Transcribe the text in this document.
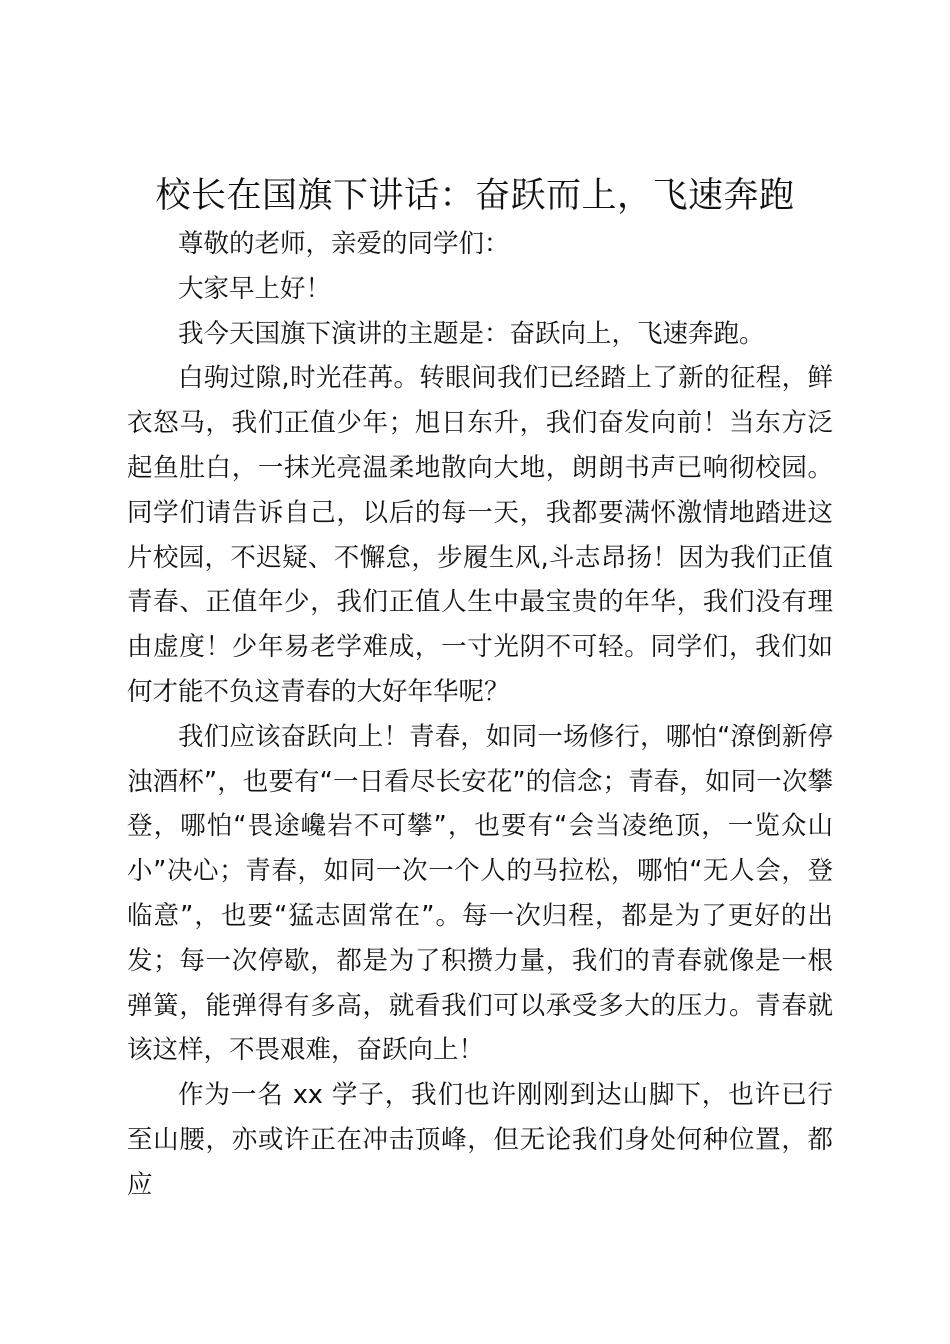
校长在国旗下讲话：奋跃而上，飞速奔跑

尊敬的老师，亲爱的同学们：

大家早上好！

我今天国旗下演讲的主题是：奋跃向上，飞速奔跑。

白驹过隙,时光荏苒。转眼间我们已经踏上了新的征程，鲜衣怒马，我们正值少年；旭日东升，我们奋发向前！当东方泛起鱼肚白，一抹光亮温柔地散向大地，朗朗书声已响彻校园。同学们请告诉自己，以后的每一天，我都要满怀激情地踏进这片校园，不迟疑、不懈怠，步履生风,斗志昂扬！因为我们正值青春、正值年少，我们正值人生中最宝贵的年华，我们没有理由虚度！少年易老学难成，一寸光阴不可轻。同学们，我们如何才能不负这青春的大好年华呢？

我们应该奋跃向上！青春，如同一场修行，哪怕“潦倒新停浊酒杯”，也要有“一日看尽长安花”的信念；青春，如同一次攀登，哪怕“畏途巉岩不可攀”，也要有“会当凌绝顶，一览众山小”决心；青春，如同一次一个人的马拉松，哪怕“无人会，登临意”，也要“猛志固常在”。每一次归程，都是为了更好的出发；每一次停歇，都是为了积攒力量，我们的青春就像是一根弹簧，能弹得有多高，就看我们可以承受多大的压力。青春就该这样，不畏艰难，奋跃向上！

作为一名 xx 学子，我们也许刚刚到达山脚下，也许已行至山腰，亦或许正在冲击顶峰，但无论我们身处何种位置，都应
